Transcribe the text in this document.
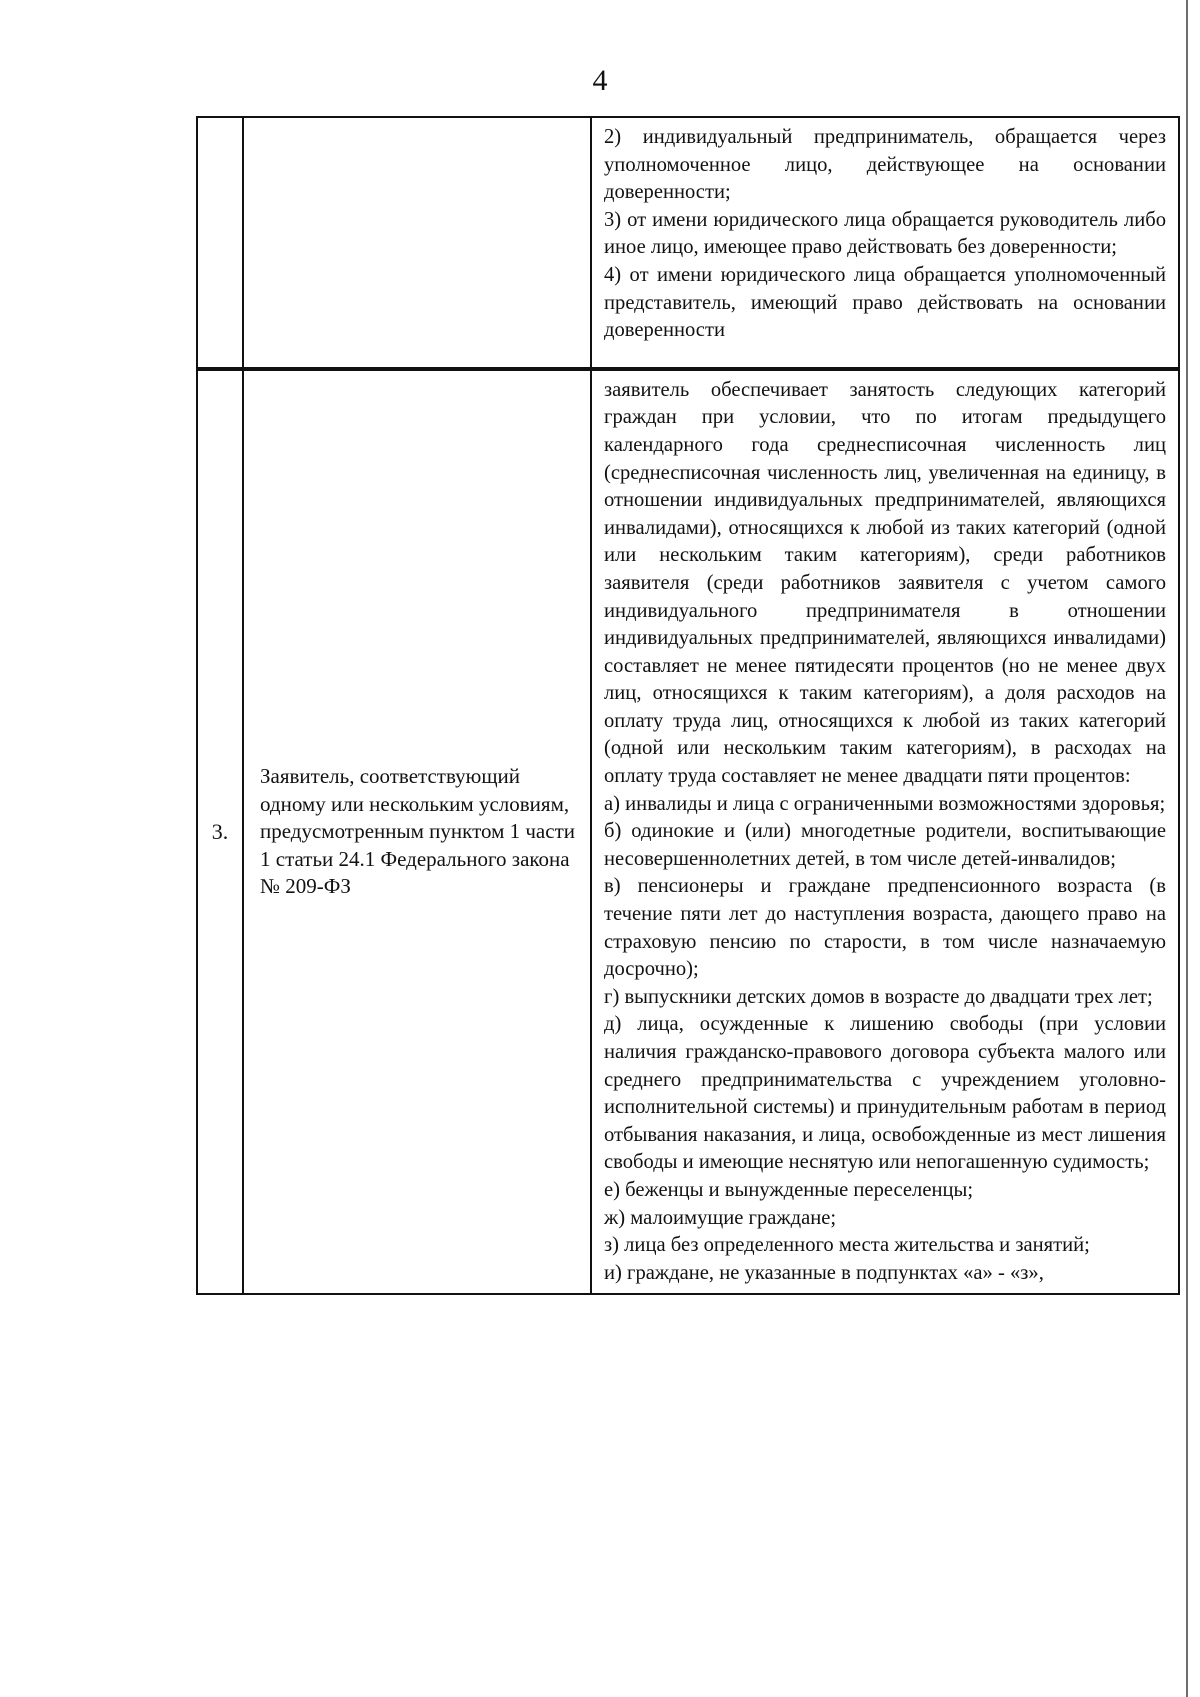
4

2) индивидуальный предприниматель, обращается через уполномоченное лицо, действующее на основании доверенности;

3) от имени юридического лица обращается руководитель либо иное лицо, имеющее право действовать без доверенности;

4) от имени юридического лица обращается уполномоченный представитель, имеющий право действовать на основании доверенности

3.
Заявитель, соответствующий одному или нескольким условиям, предусмотренным пунктом 1 части 1 статьи 24.1 Федерального закона № 209-ФЗ

заявитель обеспечивает занятость следующих категорий граждан при условии, что по итогам предыдущего календарного года среднесписочная численность лиц (среднесписочная численность лиц, увеличенная на единицу, в отношении индивидуальных предпринимателей, являющихся инвалидами), относящихся к любой из таких категорий (одной или нескольким таким категориям), среди работников заявителя (среди работников заявителя с учетом самого индивидуального предпринимателя в отношении индивидуальных предпринимателей, являющихся инвалидами) составляет не менее пятидесяти процентов (но не менее двух лиц, относящихся к таким категориям), а доля расходов на оплату труда лиц, относящихся к любой из таких категорий (одной или нескольким таким категориям), в расходах на оплату труда составляет не менее двадцати пяти процентов:

а) инвалиды и лица с ограниченными возможностями здоровья;

б) одинокие и (или) многодетные родители, воспитывающие несовершеннолетних детей, в том числе детей-инвалидов;

в) пенсионеры и граждане предпенсионного возраста (в течение пяти лет до наступления возраста, дающего право на страховую пенсию по старости, в том числе назначаемую досрочно);

г) выпускники детских домов в возрасте до двадцати трех лет;

д) лица, осужденные к лишению свободы (при условии наличия гражданско-правового договора субъекта малого или среднего предпринимательства с учреждением уголовно-исполнительной системы) и принудительным работам в период отбывания наказания, и лица, освобожденные из мест лишения свободы и имеющие неснятую или непогашенную судимость;

е) беженцы и вынужденные переселенцы;

ж) малоимущие граждане;

з) лица без определенного места жительства и занятий;

и) граждане, не указанные в подпунктах «а» - «з»,
